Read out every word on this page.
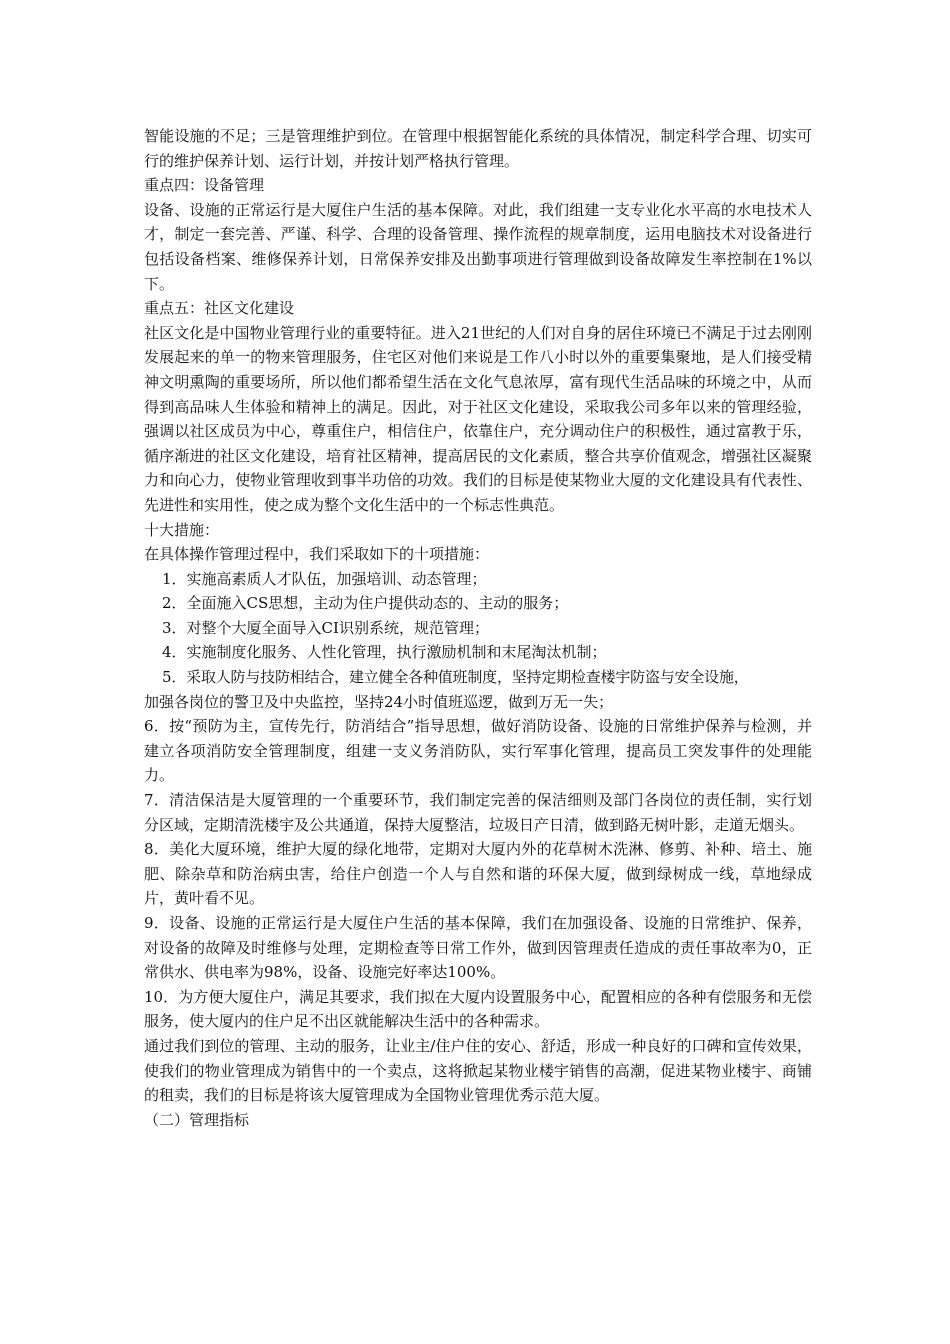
智能设施的不足；三是管理维护到位。在管理中根据智能化系统的具体情况，制定科学合理、切实可行的维护保养计划、运行计划，并按计划严格执行管理。

重点四：设备管理

设备、设施的正常运行是大厦住户生活的基本保障。对此，我们组建一支专业化水平高的水电技术人才，制定一套完善、严谨、科学、合理的设备管理、操作流程的规章制度，运用电脑技术对设备进行包括设备档案、维修保养计划，日常保养安排及出勤事项进行管理做到设备故障发生率控制在1%以下。

重点五：社区文化建设

社区文化是中国物业管理行业的重要特征。进入21世纪的人们对自身的居住环境已不满足于过去刚刚发展起来的单一的物来管理服务，住宅区对他们来说是工作八小时以外的重要集聚地，是人们接受精神文明熏陶的重要场所，所以他们都希望生活在文化气息浓厚，富有现代生活品味的环境之中，从而得到高品味人生体验和精神上的满足。因此，对于社区文化建设，采取我公司多年以来的管理经验，强调以社区成员为中心，尊重住户，相信住户，依靠住户，充分调动住户的积极性，通过富教于乐，循序渐进的社区文化建设，培育社区精神，提高居民的文化素质，整合共享价值观念，增强社区凝聚力和向心力，使物业管理收到事半功倍的功效。我们的目标是使某物业大厦的文化建设具有代表性、先进性和实用性，使之成为整个文化生活中的一个标志性典范。

十大措施：

在具体操作管理过程中，我们采取如下的十项措施：

1．实施高素质人才队伍，加强培训、动态管理；

2．全面施入CS思想，主动为住户提供动态的、主动的服务；

3．对整个大厦全面导入CI识别系统，规范管理；

4．实施制度化服务、人性化管理，执行激励机制和末尾淘汰机制；

5．采取人防与技防相结合，建立健全各种值班制度，坚持定期检查楼宇防盗与安全设施，

加强各岗位的警卫及中央监控，坚持24小时值班巡逻，做到万无一失；

6．按“预防为主，宣传先行，防消结合”指导思想，做好消防设备、设施的日常维护保养与检测，并建立各项消防安全管理制度，组建一支义务消防队，实行军事化管理，提高员工突发事件的处理能力。

7．清洁保洁是大厦管理的一个重要环节，我们制定完善的保洁细则及部门各岗位的责任制，实行划分区域，定期清洗楼宇及公共通道，保持大厦整洁，垃圾日产日清，做到路无树叶影，走道无烟头。

8．美化大厦环境，维护大厦的绿化地带，定期对大厦内外的花草树木洗淋、修剪、补种、培土、施肥、除杂草和防治病虫害，给住户创造一个人与自然和谐的环保大厦，做到绿树成一线，草地绿成片，黄叶看不见。

9．设备、设施的正常运行是大厦住户生活的基本保障，我们在加强设备、设施的日常维护、保养，对设备的故障及时维修与处理，定期检查等日常工作外，做到因管理责任造成的责任事故率为0，正常供水、供电率为98%，设备、设施完好率达100%。

10．为方便大厦住户，满足其要求，我们拟在大厦内设置服务中心，配置相应的各种有偿服务和无偿服务，使大厦内的住户足不出区就能解决生活中的各种需求。

通过我们到位的管理、主动的服务，让业主/住户住的安心、舒适，形成一种良好的口碑和宣传效果，使我们的物业管理成为销售中的一个卖点，这将掀起某物业楼宇销售的高潮，促进某物业楼宇、商铺的租卖，我们的目标是将该大厦管理成为全国物业管理优秀示范大厦。

（二）管理指标
